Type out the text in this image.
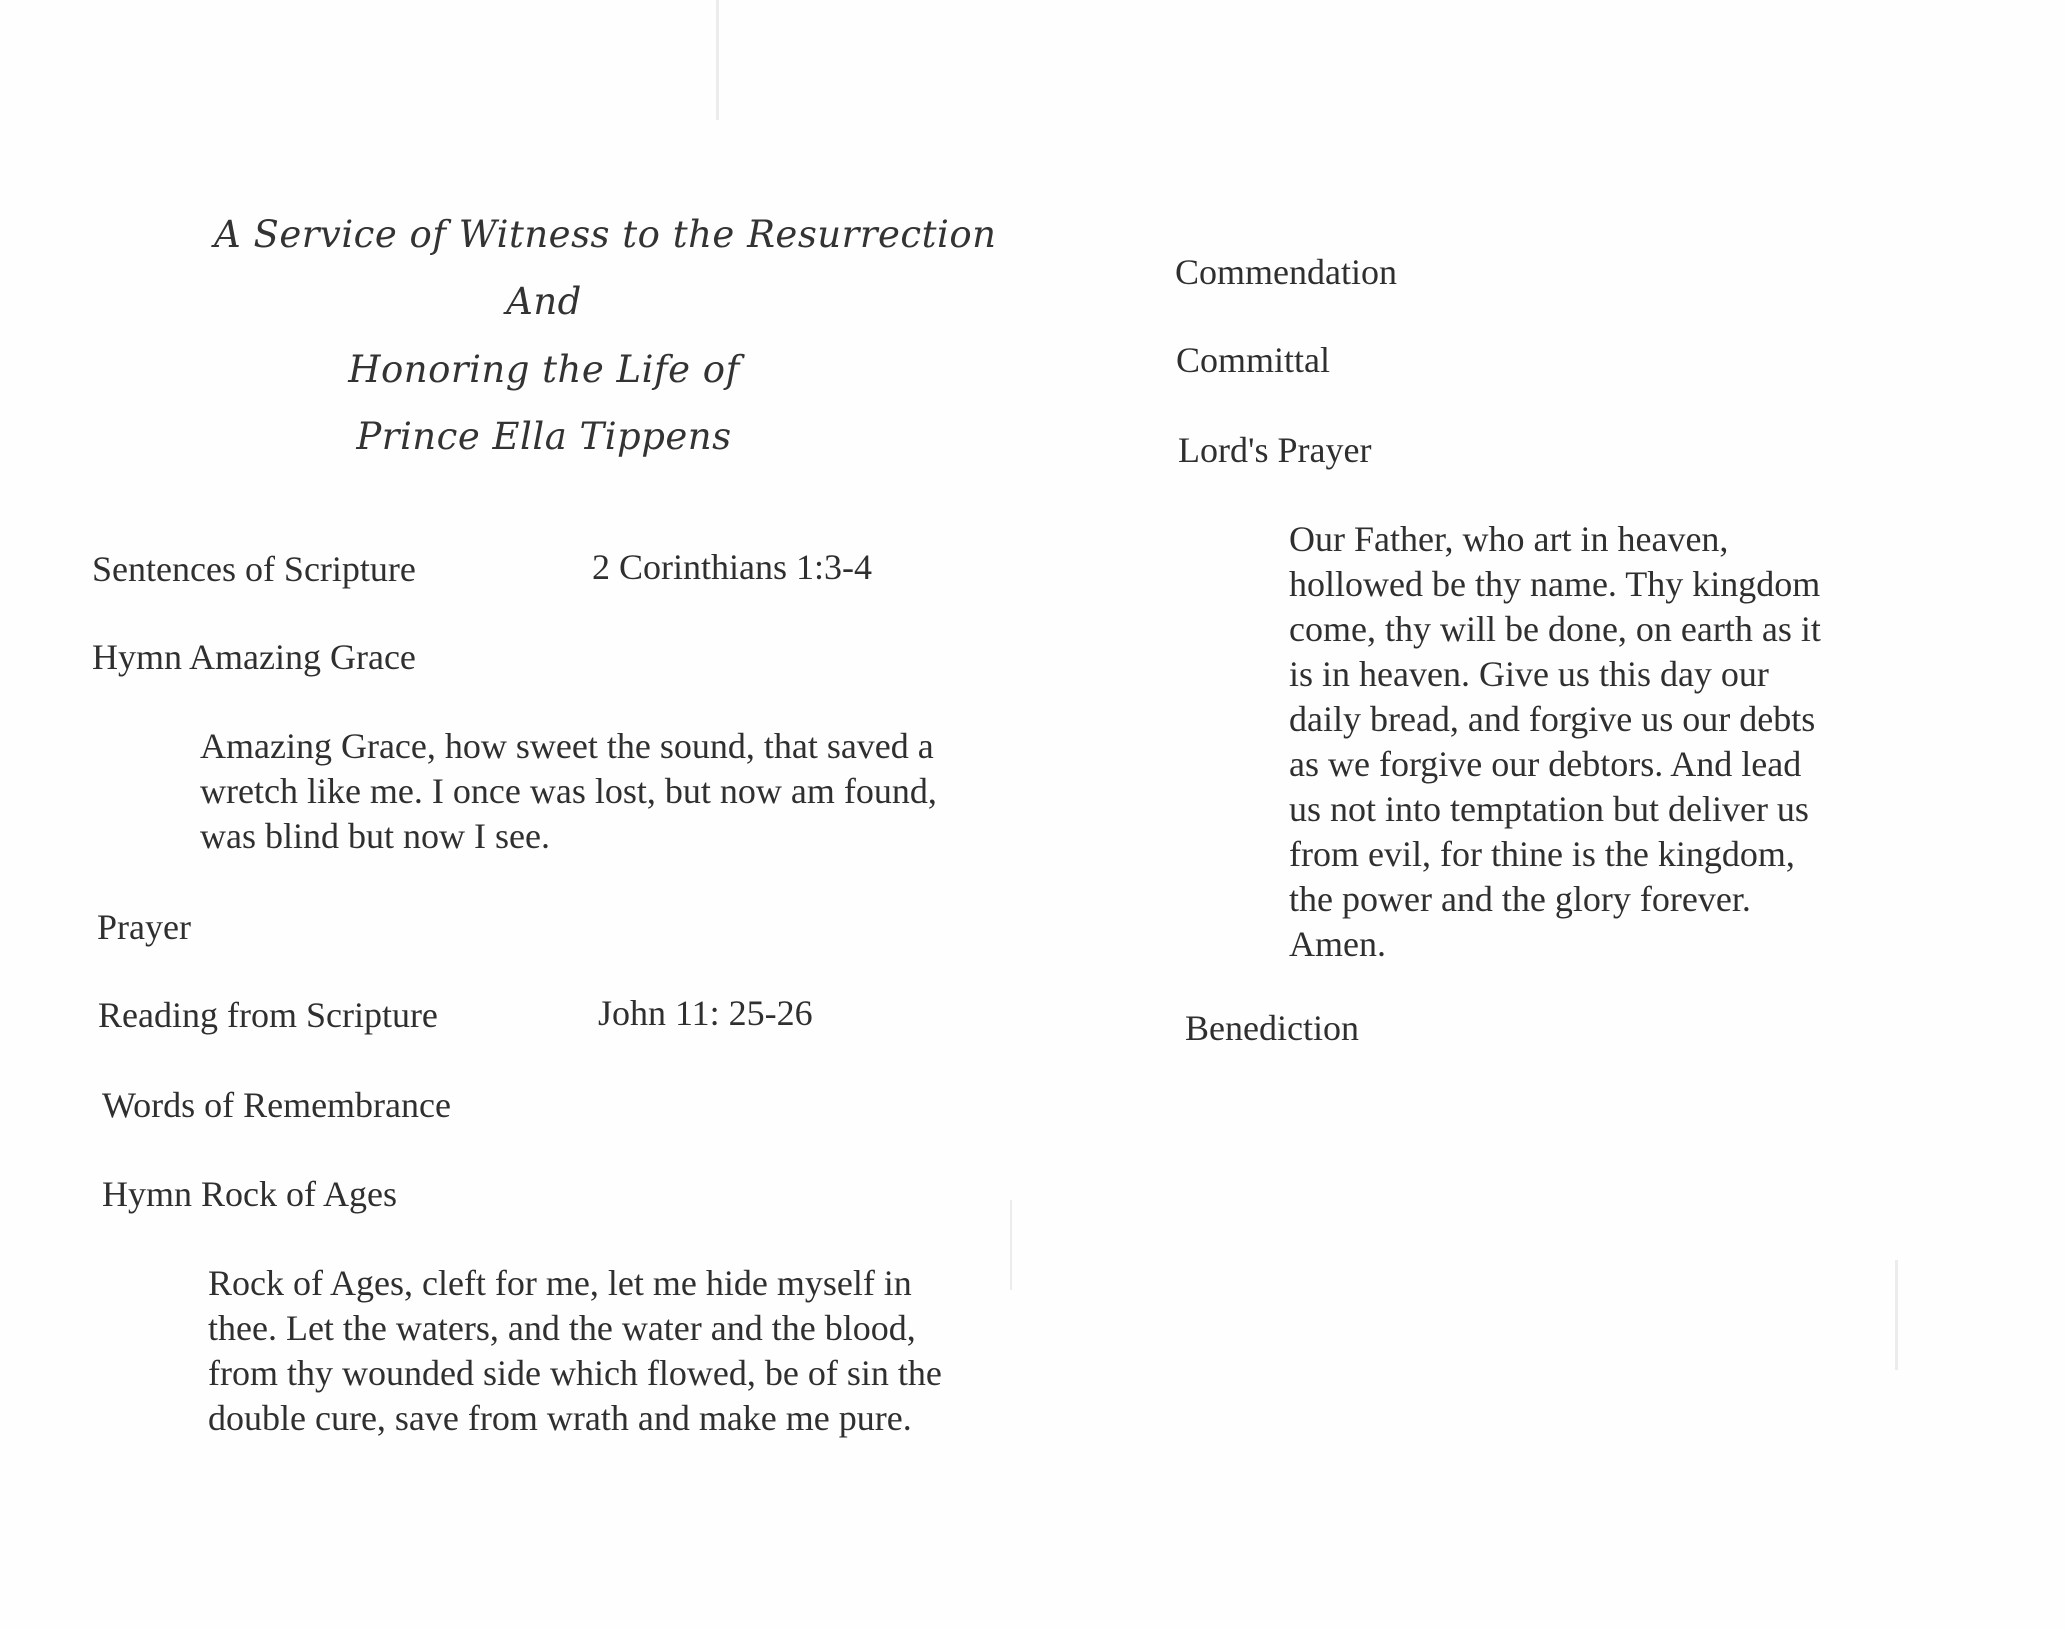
A Service of Witness to the Resurrection
And
Honoring the Life of
Prince Ella Tippens
Sentences of Scripture	2 Corinthians 1:3-4
Hymn Amazing Grace
Amazing Grace, how sweet the sound, that saved a
wretch like me. I once was lost, but now am found,
was blind but now I see.
Prayer
Reading from Scripture	John 11: 25-26
Words of Remembrance
Hymn Rock of Ages
Rock of Ages, cleft for me, let me hide myself in
thee. Let the waters, and the water and the blood,
from thy wounded side which flowed, be of sin the
double cure, save from wrath and make me pure.
Commendation
Committal
Lord's Prayer
Our Father, who art in heaven,
hollowed be thy name. Thy kingdom
come, thy will be done, on earth as it
is in heaven. Give us this day our
daily bread, and forgive us our debts
as we forgive our debtors. And lead
us not into temptation but deliver us
from evil, for thine is the kingdom,
the power and the glory forever.
Amen.
Benediction
